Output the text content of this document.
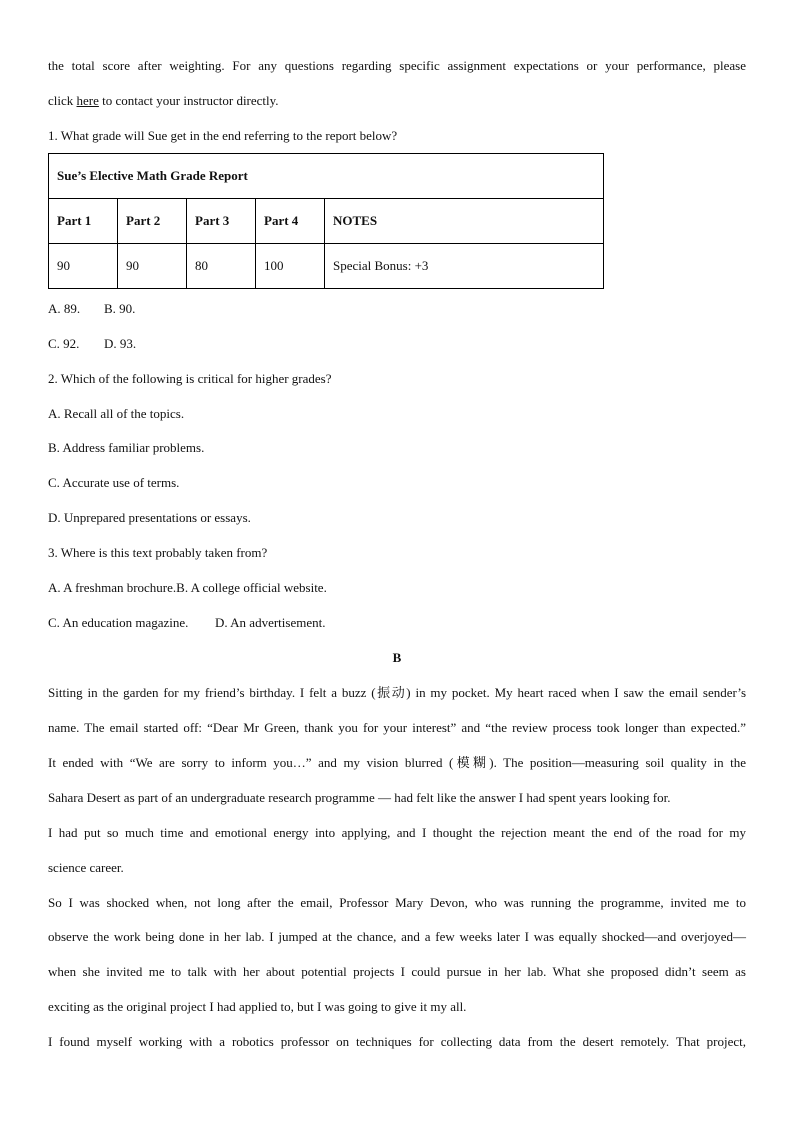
the total score after weighting. For any questions regarding specific assignment expectations or your performance, please
click here to contact your instructor directly.
1. What grade will Sue get in the end referring to the report below?
Sue’s Elective Math Grade Report				
Part 1	Part 2	Part 3	Part 4	NOTES
90	90	80	100	Special Bonus: +3
A. 89. B. 90.
C. 92. D. 93.
2. Which of the following is critical for higher grades?
A. Recall all of the topics.
B. Address familiar problems.
C. Accurate use of terms.
D. Unprepared presentations or essays.
3. Where is this text probably taken from?
A. A freshman brochure.B. A college official website.
C. An education magazine. D. An advertisement.
B
Sitting in the garden for my friend’s birthday. I felt a buzz (振动) in my pocket. My heart raced when I saw the email sender’s
name. The email started off: “Dear Mr Green, thank you for your interest” and “the review process took longer than expected.”
It ended with “We are sorry to inform you…” and my vision blurred (模糊). The position—measuring soil quality in the
Sahara Desert as part of an undergraduate research programme — had felt like the answer I had spent years looking for.
I had put so much time and emotional energy into applying, and I thought the rejection meant the end of the road for my
science career.
So I was shocked when, not long after the email, Professor Mary Devon, who was running the programme, invited me to
observe the work being done in her lab. I jumped at the chance, and a few weeks later I was equally shocked—and overjoyed—
when she invited me to talk with her about potential projects I could pursue in her lab. What she proposed didn’t seem as
exciting as the original project I had applied to, but I was going to give it my all.
I found myself working with a robotics professor on techniques for collecting data from the desert remotely. That project,
